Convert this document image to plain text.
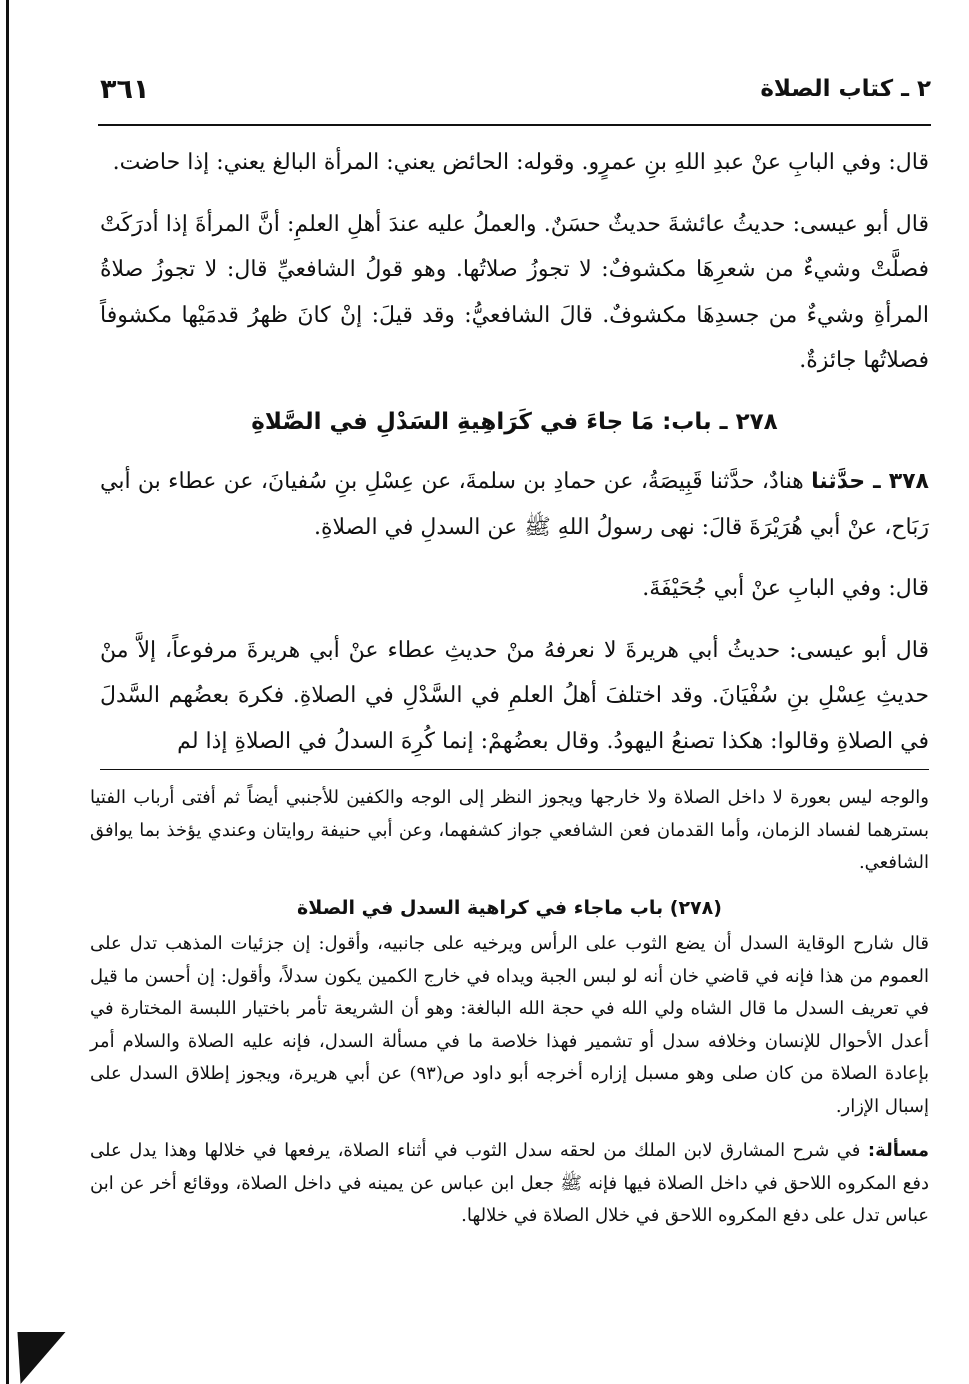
٢ ـ كتاب الصلاة
٣٦١

قال: وفي البابِ عنْ عبدِ اللهِ بنِ عمرٍو. وقوله: الحائض يعني: المرأة البالغ يعني: إذا حاضت.

قال أبو عيسى: حديثُ عائشةَ حديثٌ حسَنٌ. والعملُ عليه عندَ أهلِ العلمِ: أنَّ المرأةَ إذا أدرَكَتْ فصلَّتْ وشيءٌ من شعرِهَا مكشوفٌ: لا تجوزُ صلاتُها. وهو قولُ الشافعيِّ قال: لا تجوزُ صلاةُ المرأةِ وشيءٌ من جسدِهَا مكشوفٌ. قالَ الشافعيُّ: وقد قيلَ: إنْ كانَ ظهرُ قدمَيْها مكشوفاً فصلاتُها جائزةٌ.

٢٧٨ ـ باب: مَا جاءَ في كَرَاهِيةِ السَدْلِ في الصَّلاةِ

٣٧٨ ـ حدَّثنا هنادٌ، حدَّثنا قَبِيصَةُ، عن حمادِ بن سلمةَ، عن عِسْلِ بنِ سُفيانَ، عن عطاء بن أبي رَبَاح، عنْ أبي هُرَيْرَةَ قالَ: نهى رسولُ اللهِ ﷺ عن السدلِ في الصلاةِ.

قال: وفي البابِ عنْ أبي جُحَيْفَةَ.

قال أبو عيسى: حديثُ أبي هريرةَ لا نعرفهُ منْ حديثِ عطاء عنْ أبي هريرةَ مرفوعاً، إلاَّ منْ حديثِ عِسْلِ بنِ سُفْيَانَ. وقد اختلفَ أهلُ العلمِ في السَّدْلِ في الصلاةِ. فكرهَ بعضُهم السَّدلَ في الصلاةِ وقالوا: هكذا تصنعُ اليهودُ. وقال بعضُهمْ: إنما كُرِهَ السدلُ في الصلاةِ إذا لم

والوجه ليس بعورة لا داخل الصلاة ولا خارجها ويجوز النظر إلى الوجه والكفين للأجنبي أيضاً ثم أفتى أرباب الفتيا بسترهما لفساد الزمان، وأما القدمان فعن الشافعي جواز كشفهما، وعن أبي حنيفة روايتان وعندي يؤخذ بما يوافق الشافعي.

(٢٧٨) باب ماجاء في كراهية السدل في الصلاة

قال شارح الوقاية السدل أن يضع الثوب على الرأس ويرخيه على جانبيه، وأقول: إن جزئيات المذهب تدل على العموم من هذا فإنه في قاضي خان أنه لو لبس الجبة ويداه في خارج الكمين يكون سدلاً، وأقول: إن أحسن ما قيل في تعريف السدل ما قال الشاه ولي الله في حجة الله البالغة: وهو أن الشريعة تأمر باختيار اللبسة المختارة في أعدل الأحوال للإنسان وخلافه سدل أو تشمير فهذا خلاصة ما في مسألة السدل، فإنه عليه الصلاة والسلام أمر بإعادة الصلاة من كان صلى وهو مسبل إزاره أخرجه أبو داود ص(٩٣) عن أبي هريرة، ويجوز إطلاق السدل على إسبال الإزار.

مسألة: في شرح المشارق لابن الملك من لحقه سدل الثوب في أثناء الصلاة، يرفعها في خلالها وهذا يدل على دفع المكروه اللاحق في داخل الصلاة فيها فإنه ﷺ جعل ابن عباس عن يمينه في داخل الصلاة، ووقائع أخر عن ابن عباس تدل على دفع المكروه اللاحق في خلال الصلاة في خلالها.
